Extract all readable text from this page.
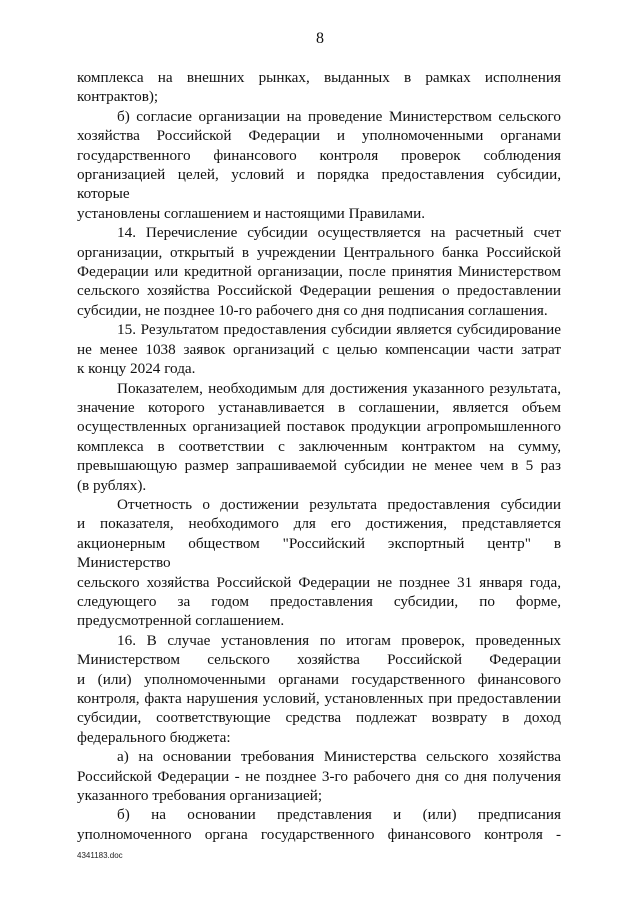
8
комплекса на внешних рынках, выданных в рамках исполнения
контрактов);
б) согласие организации на проведение Министерством сельского
хозяйства Российской Федерации и уполномоченными органами
государственного финансового контроля проверок соблюдения
организацией целей, условий и порядка предоставления субсидии, которые
установлены соглашением и настоящими Правилами.
14. Перечисление субсидии осуществляется на расчетный счет
организации, открытый в учреждении Центрального банка Российской
Федерации или кредитной организации, после принятия Министерством
сельского хозяйства Российской Федерации решения о предоставлении
субсидии, не позднее 10-го рабочего дня со дня подписания соглашения.
15. Результатом предоставления субсидии является субсидирование
не менее 1038 заявок организаций с целью компенсации части затрат
к концу 2024 года.
Показателем, необходимым для достижения указанного результата,
значение которого устанавливается в соглашении, является объем
осуществленных организацией поставок продукции агропромышленного
комплекса в соответствии с заключенным контрактом на сумму,
превышающую размер запрашиваемой субсидии не менее чем в 5 раз
(в рублях).
Отчетность о достижении результата предоставления субсидии
и показателя, необходимого для его достижения, представляется
акционерным обществом "Российский экспортный центр" в Министерство
сельского хозяйства Российской Федерации не позднее 31 января года,
следующего за годом предоставления субсидии, по форме,
предусмотренной соглашением.
16. В случае установления по итогам проверок, проведенных
Министерством сельского хозяйства Российской Федерации
и (или) уполномоченными органами государственного финансового
контроля, факта нарушения условий, установленных при предоставлении
субсидии, соответствующие средства подлежат возврату в доход
федерального бюджета:
а) на основании требования Министерства сельского хозяйства
Российской Федерации - не позднее 3-го рабочего дня со дня получения
указанного требования организацией;
б) на основании представления и (или) предписания
уполномоченного органа государственного финансового контроля -
4341183.doc
